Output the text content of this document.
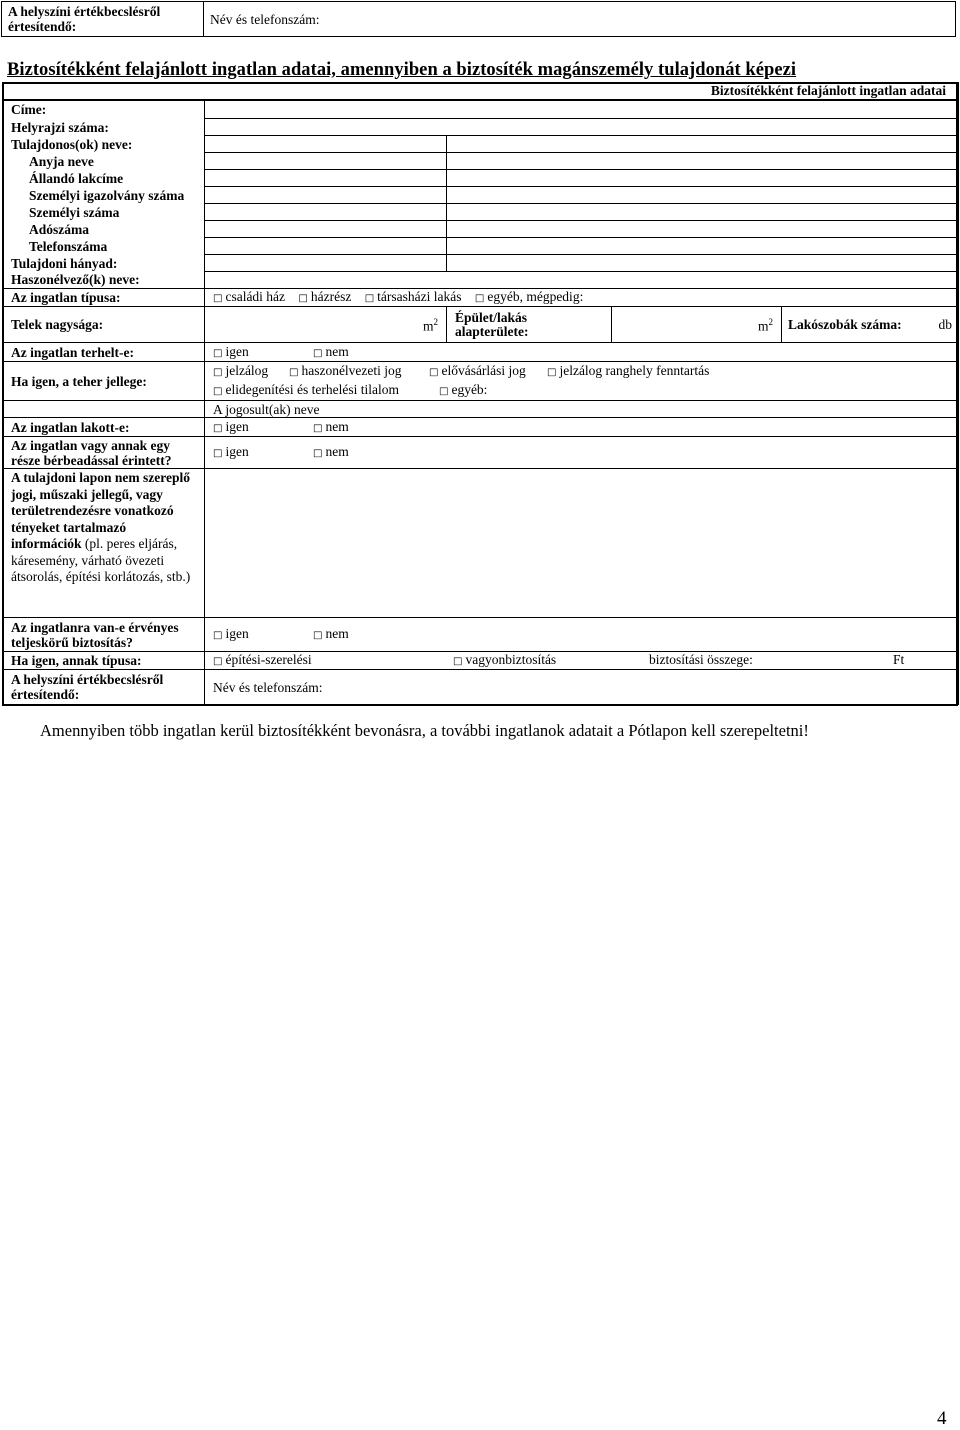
A helyszíni értékbecslésről értesítendő:	Név és telefonszám:
Biztosítékként felajánlott ingatlan adatai, amennyiben a biztosíték magánszemély tulajdonát képezi
Biztosítékként felajánlott ingatlan adatai
Címe:	
Helyrajzi száma:	
Tulajdonos(ok) neve:		

Anyja neve	
Állandó lakcíme	
Személyi igazolvány száma	
Személyi száma	
Adószáma	
Telefonszáma	
Tulajdoni hányad:	
Haszonélvező(k) neve:	
Az ingatlan típusa:	□családi ház □ házrész □ társasházi lakás □ egyéb, mégpedig:
Telek nagysága:	$m^2$	Épület/lakás alapterülete:	$m^2$	Lakószobák száma:	db

Az ingatlan terhelt-e:	□igen	□ nem
Ha igen, a teher jellege:	□ jelzálog □ haszonélvezeti jog	□ elővásárlási jog □ jelzálog ranghely fenntartás
□ elidegenítési és terhelési tilalom	□ egyéb:
	A jogosult(ak) neve
Az ingatlan lakott-e:	□igen	□ nem
Az ingatlan vagy annak egy része bérbeadással érintett?	□ igen	□ nem
A tulajdoni lapon nem szereplő jogi, műszaki jellegű, vagy területrendezésre vonatkozó tényeket tartalmazó információk (pl. peres eljárás, káresemény, várható övezeti átsorolás, építési korlátozás, stb.)	
Az ingatlanra van-e érvényes teljeskörű biztosítás?	□ igen	□ nem
Ha igen, annak típusa:	□építési-szerelési	□ vagyonbiztosítás	biztosítási összege:	Ft
A helyszíni értékbecslésről értesítendő:	Név és telefonszám:
Amennyiben több ingatlan kerül biztosítékként bevonásra, a további ingatlanok adatait a Pótlapon kell szerepeltetni!
4
